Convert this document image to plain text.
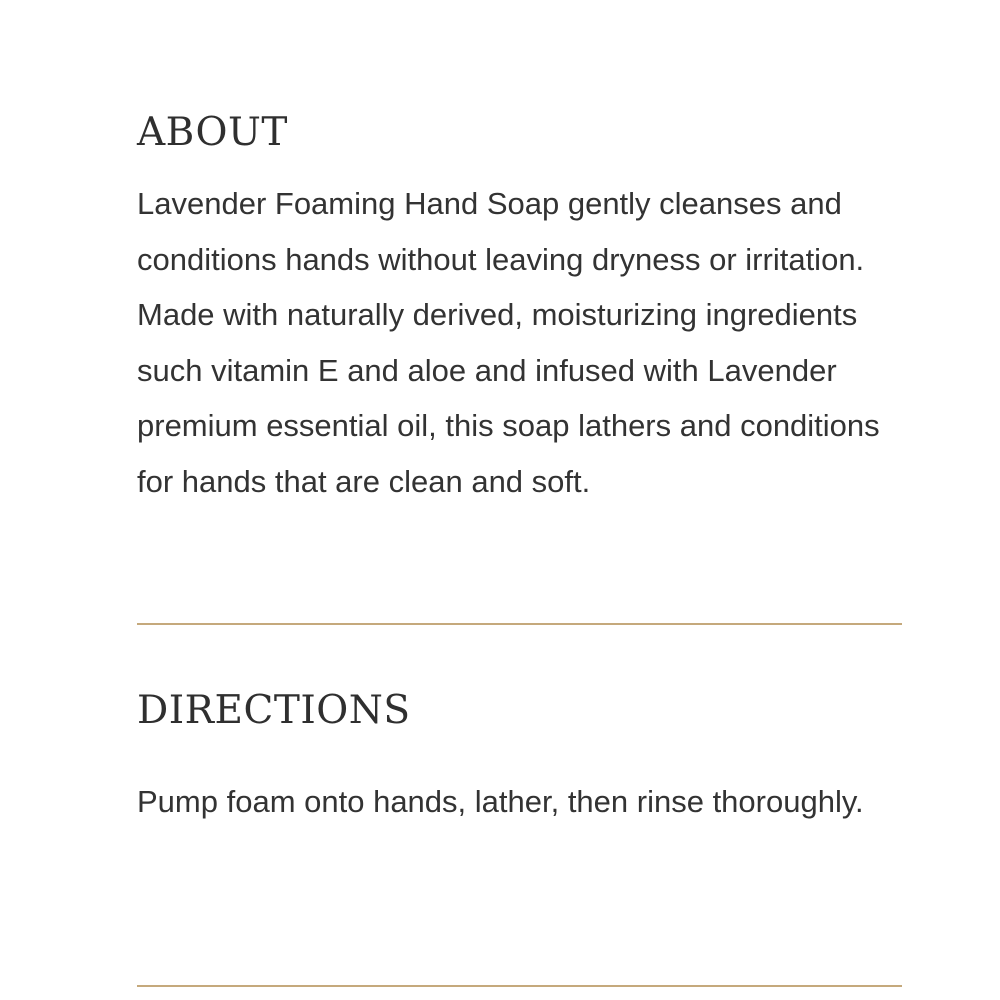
ABOUT

Lavender Foaming Hand Soap gently cleanses and conditions hands without leaving dryness or irritation. Made with naturally derived, moisturizing ingredients such vitamin E and aloe and infused with Lavender premium essential oil, this soap lathers and conditions for hands that are clean and soft.

DIRECTIONS

Pump foam onto hands, lather, then rinse thoroughly.
